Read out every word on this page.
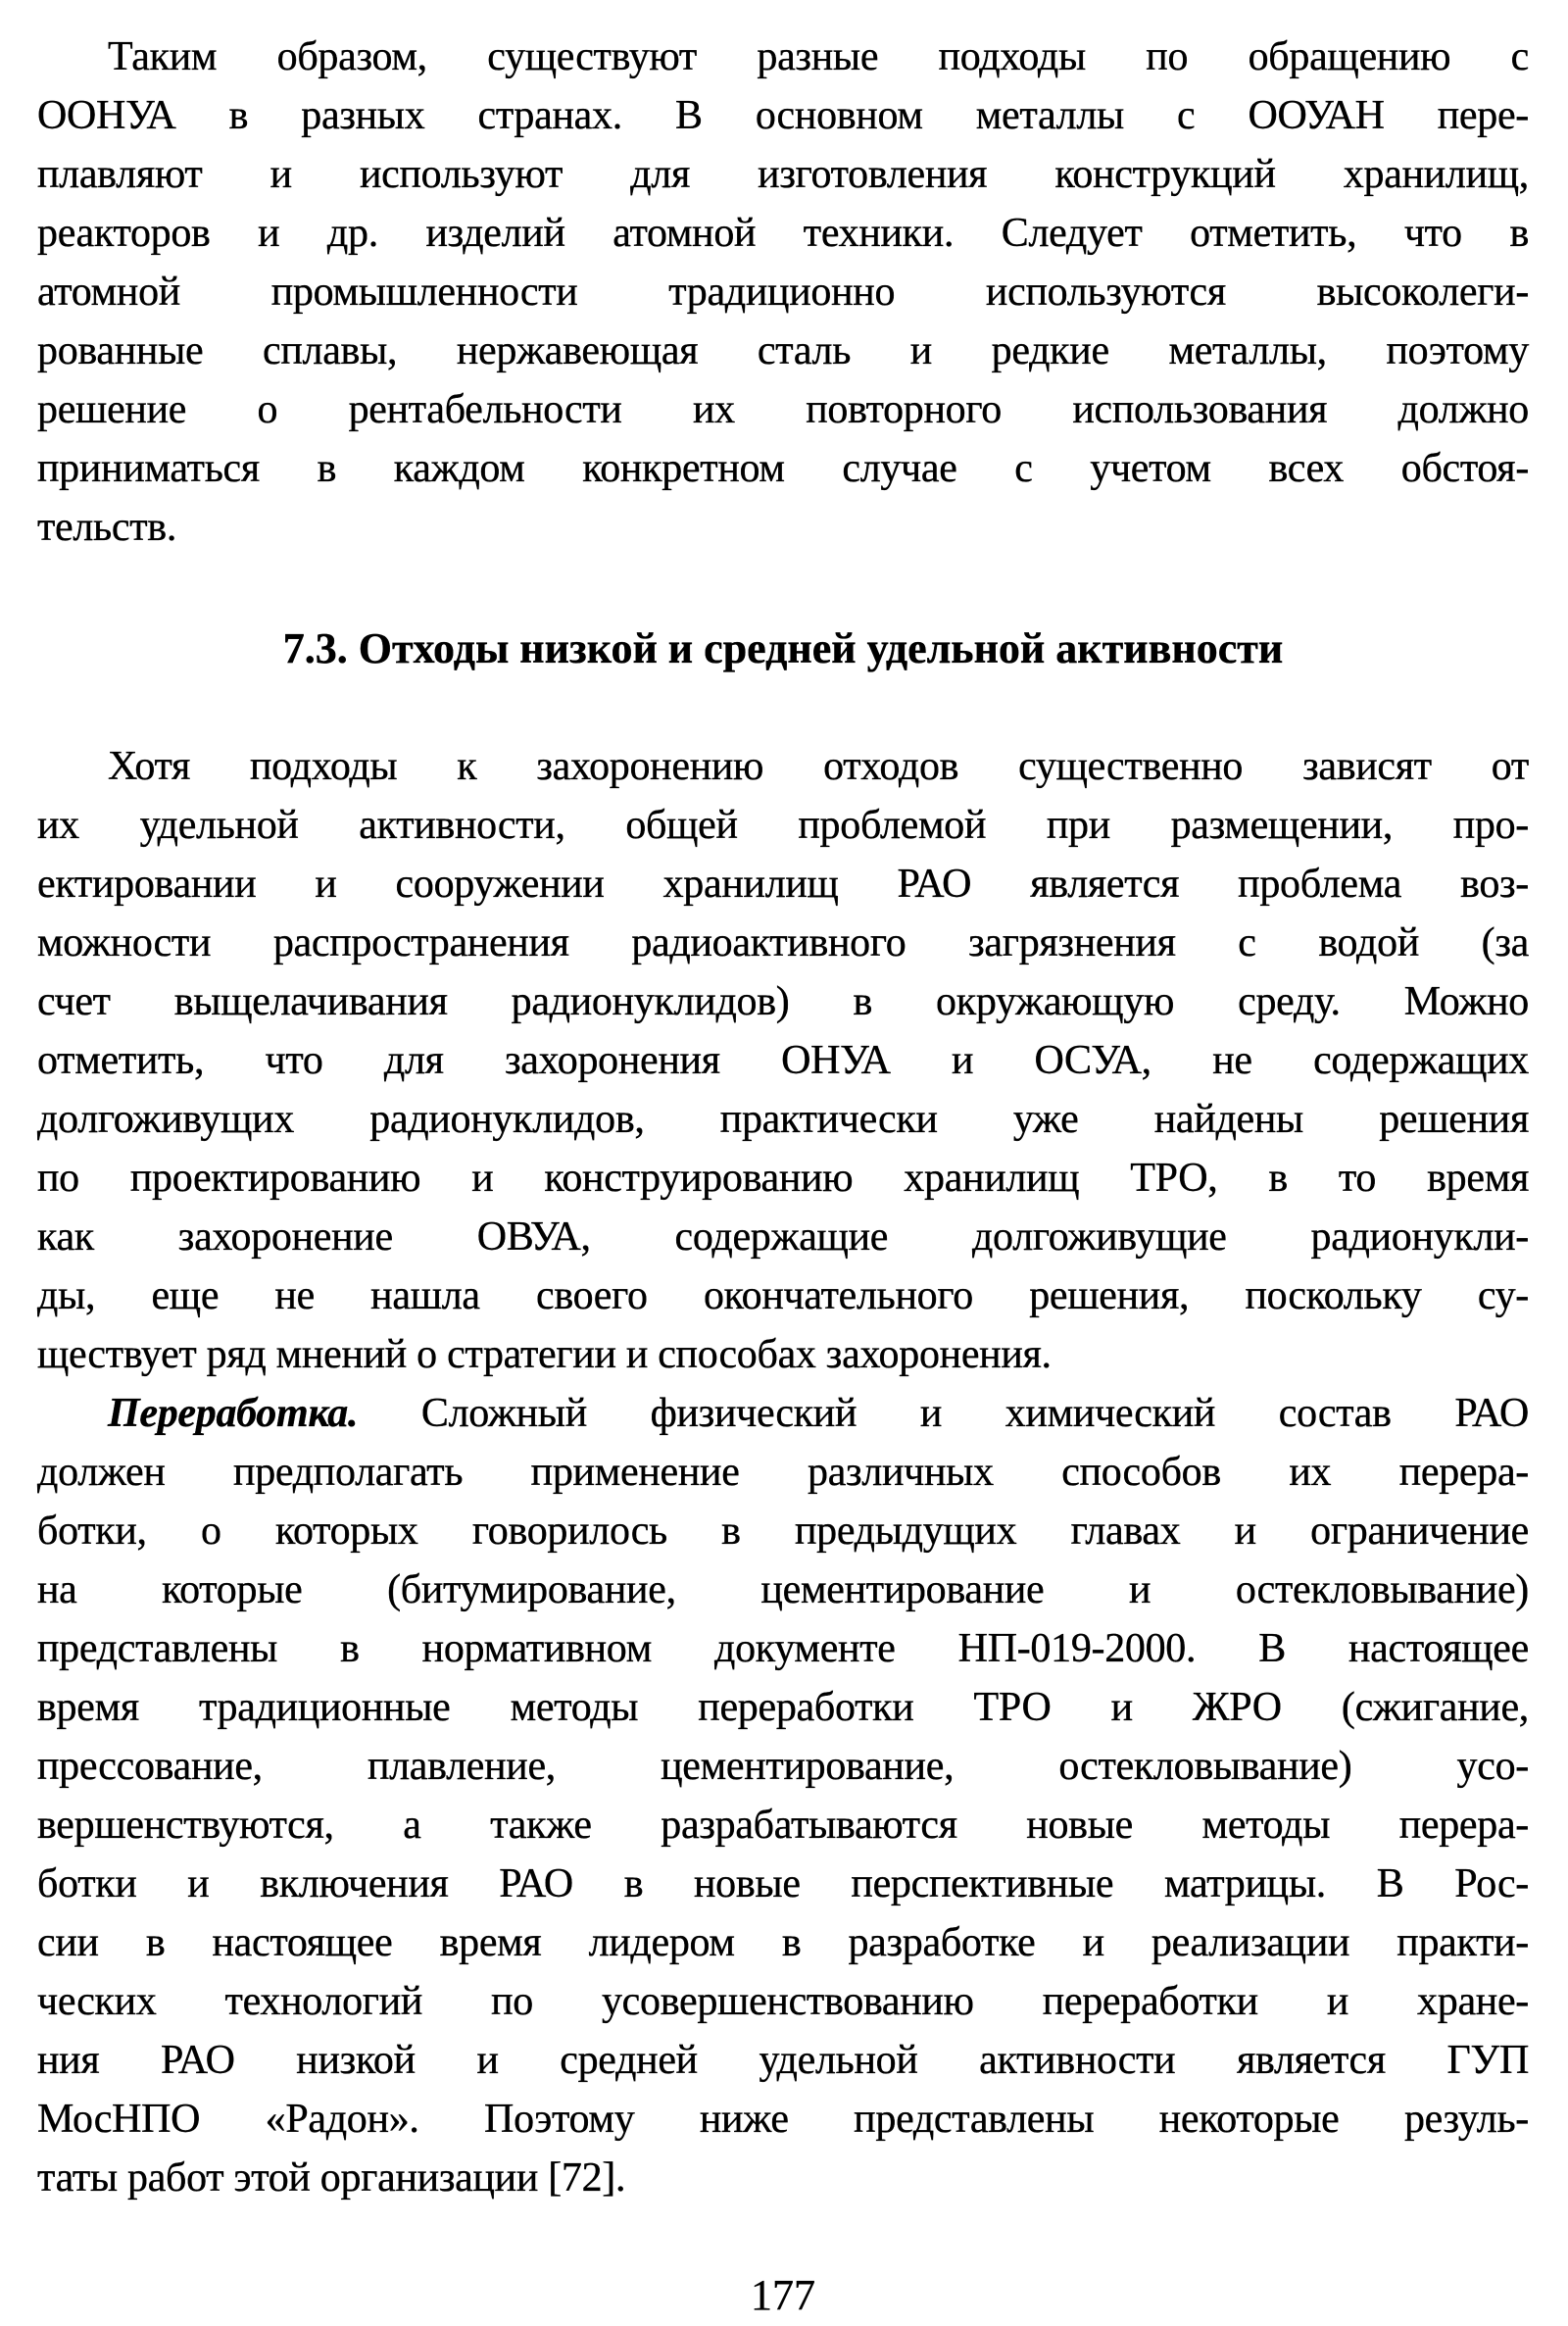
Таким образом, существуют разные подходы по обращению с
ООНУА в разных странах. В основном металлы с ООУАН пере-
плавляют и используют для изготовления конструкций хранилищ,
реакторов и др. изделий атомной техники. Следует отметить, что в
атомной промышленности традиционно используются высоколеги-
рованные сплавы, нержавеющая сталь и редкие металлы, поэтому
решение о рентабельности их повторного использования должно
приниматься в каждом конкретном случае с учетом всех обстоя-
тельств.
7.3. Отходы низкой и средней удельной активности
Хотя подходы к захоронению отходов существенно зависят от
их удельной активности, общей проблемой при размещении, про-
ектировании и сооружении хранилищ РАО является проблема воз-
можности распространения радиоактивного загрязнения с водой (за
счет выщелачивания радионуклидов) в окружающую среду. Можно
отметить, что для захоронения ОНУА и ОСУА, не содержащих
долгоживущих радионуклидов, практически уже найдены решения
по проектированию и конструированию хранилищ ТРО, в то время
как захоронение ОВУА, содержащие долгоживущие радионукли-
ды, еще не нашла своего окончательного решения, поскольку су-
ществует ряд мнений о стратегии и способах захоронения.
Переработка. Сложный физический и химический состав РАО
должен предполагать применение различных способов их перера-
ботки, о которых говорилось в предыдущих главах и ограничение
на которые (битумирование, цементирование и остекловывание)
представлены в нормативном документе НП-019-2000. В настоящее
время традиционные методы переработки ТРО и ЖРО (сжигание,
прессование, плавление, цементирование, остекловывание) усо-
вершенствуются, а также разрабатываются новые методы перера-
ботки и включения РАО в новые перспективные матрицы. В Рос-
сии в настоящее время лидером в разработке и реализации практи-
ческих технологий по усовершенствованию переработки и хране-
ния РАО низкой и средней удельной активности является ГУП
МосНПО «Радон». Поэтому ниже представлены некоторые резуль-
таты работ этой организации [72].
177
